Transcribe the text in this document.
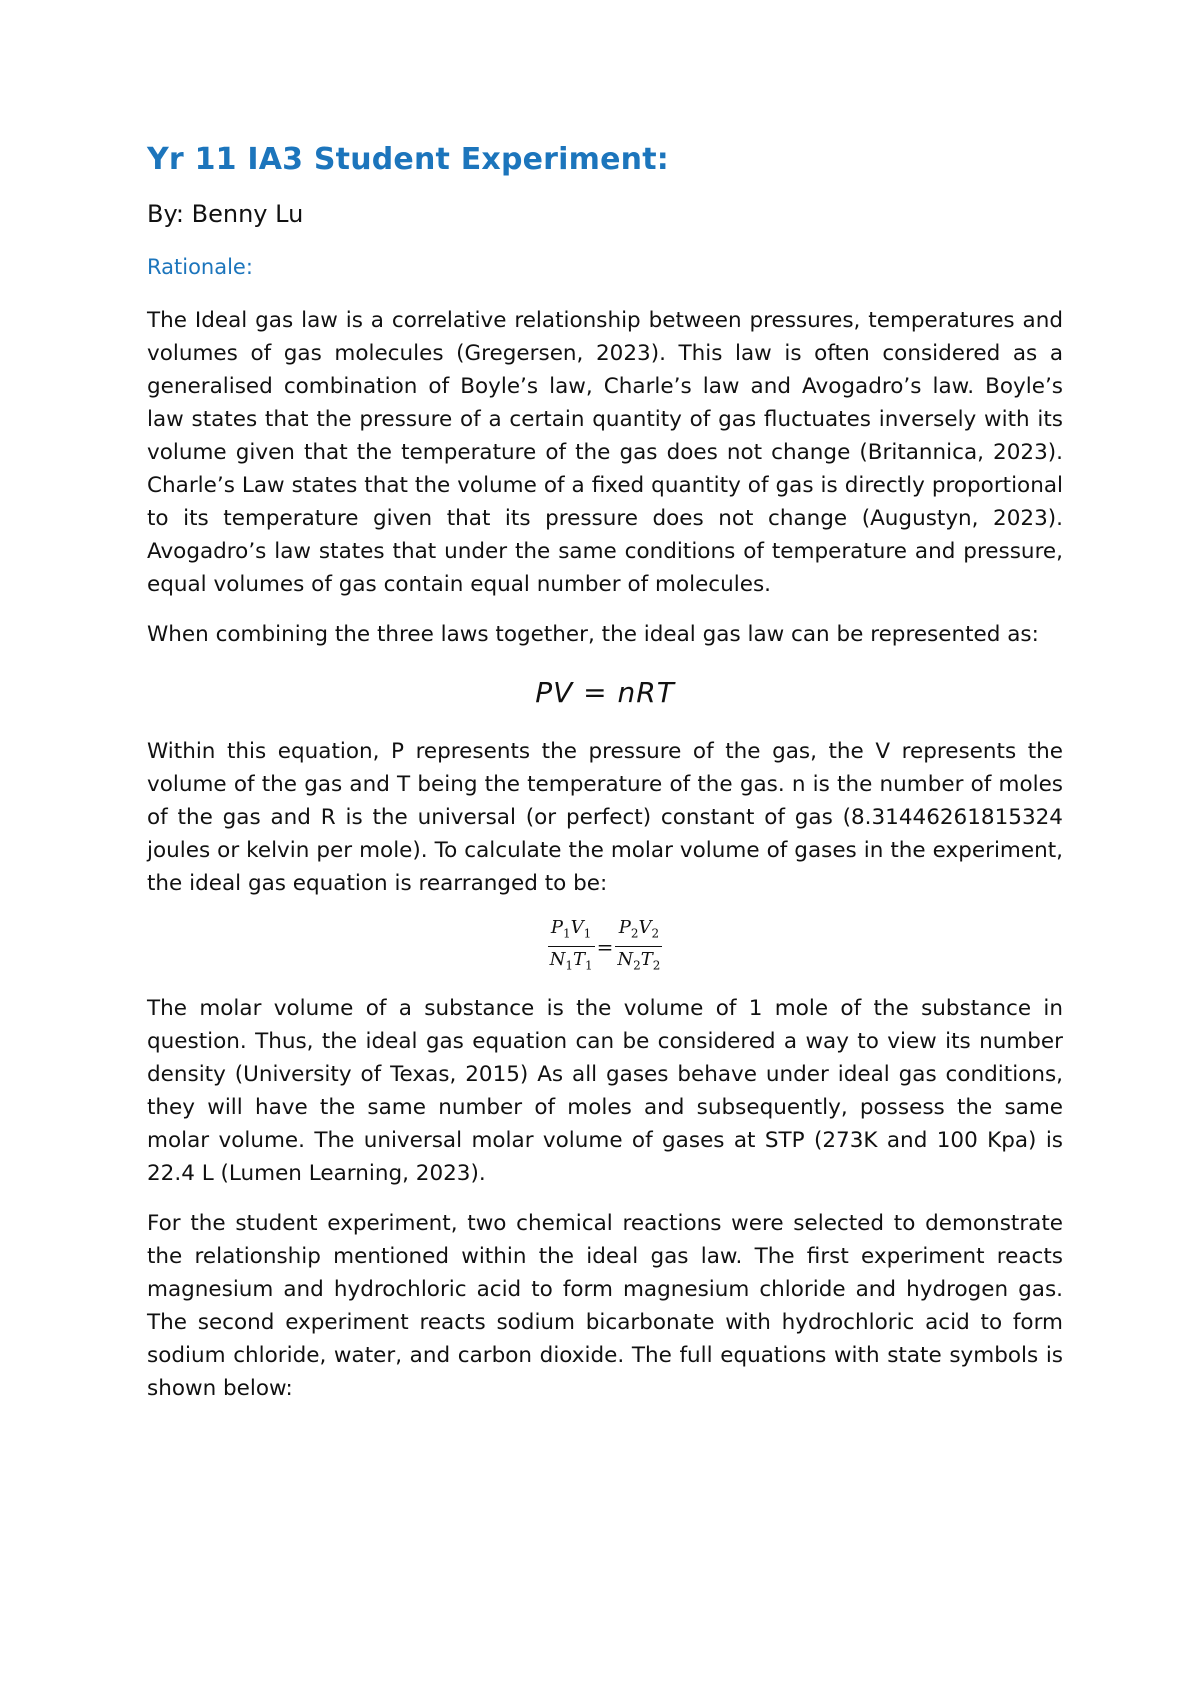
Yr 11 IA3 Student Experiment:

By: Benny Lu

Rationale:

The Ideal gas law is a correlative relationship between pressures, temperatures and volumes of gas molecules (Gregersen, 2023). This law is often considered as a generalised combination of Boyle’s law, Charle’s law and Avogadro’s law. Boyle’s law states that the pressure of a certain quantity of gas fluctuates inversely with its volume given that the temperature of the gas does not change (Britannica, 2023). Charle’s Law states that the volume of a fixed quantity of gas is directly proportional to its temperature given that its pressure does not change (Augustyn, 2023). Avogadro’s law states that under the same conditions of temperature and pressure, equal volumes of gas contain equal number of molecules.

When combining the three laws together, the ideal gas law can be represented as:

PV = nRT

Within this equation, P represents the pressure of the gas, the V represents the volume of the gas and T being the temperature of the gas. n is the number of moles of the gas and R is the universal (or perfect) constant of gas (8.31446261815324 joules or kelvin per mole). To calculate the molar volume of gases in the experiment, the ideal gas equation is rearranged to be:

$\frac{P_1V_1}{N_1T_1} = \frac{P_2V_2}{N_2T_2}$

The molar volume of a substance is the volume of 1 mole of the substance in question. Thus, the ideal gas equation can be considered a way to view its number density (University of Texas, 2015) As all gases behave under ideal gas conditions, they will have the same number of moles and subsequently, possess the same molar volume. The universal molar volume of gases at STP (273K and 100 Kpa) is 22.4 L (Lumen Learning, 2023).

For the student experiment, two chemical reactions were selected to demonstrate the relationship mentioned within the ideal gas law. The first experiment reacts magnesium and hydrochloric acid to form magnesium chloride and hydrogen gas. The second experiment reacts sodium bicarbonate with hydrochloric acid to form sodium chloride, water, and carbon dioxide. The full equations with state symbols is shown below:
